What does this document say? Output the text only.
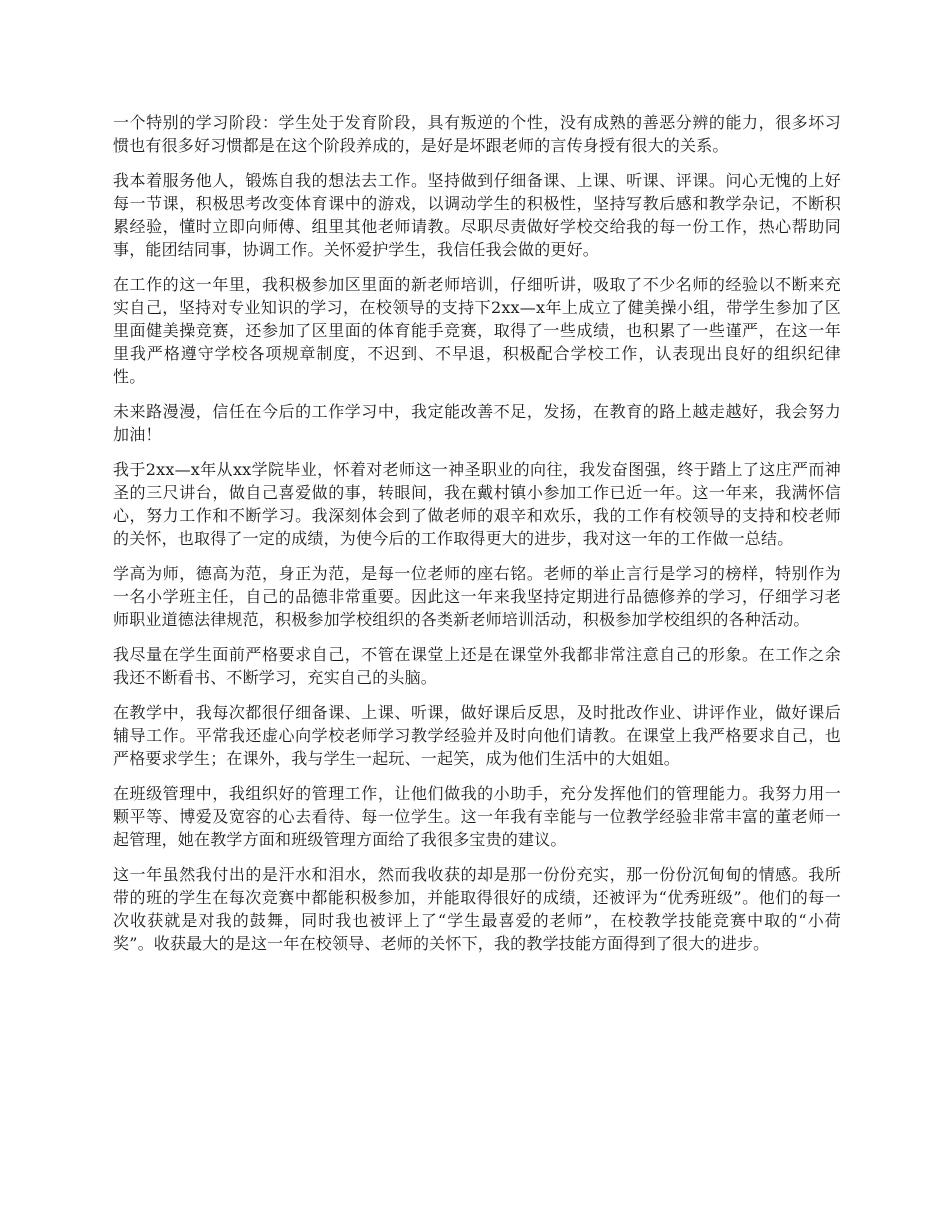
一个特别的学习阶段：学生处于发育阶段，具有叛逆的个性，没有成熟的善恶分辨的能力，很多坏习惯也有很多好习惯都是在这个阶段养成的，是好是坏跟老师的言传身授有很大的关系。

我本着服务他人，锻炼自我的想法去工作。坚持做到仔细备课、上课、听课、评课。问心无愧的上好每一节课，积极思考改变体育课中的游戏，以调动学生的积极性，坚持写教后感和教学杂记，不断积累经验，懂时立即向师傅、组里其他老师请教。尽职尽责做好学校交给我的每一份工作，热心帮助同事，能团结同事，协调工作。关怀爱护学生，我信任我会做的更好。

在工作的这一年里，我积极参加区里面的新老师培训，仔细听讲，吸取了不少名师的经验以不断来充实自己，坚持对专业知识的学习，在校领导的支持下2xx—x年上成立了健美操小组，带学生参加了区里面健美操竞赛，还参加了区里面的体育能手竞赛，取得了一些成绩，也积累了一些谨严，在这一年里我严格遵守学校各项规章制度，不迟到、不早退，积极配合学校工作，认表现出良好的组织纪律性。

未来路漫漫，信任在今后的工作学习中，我定能改善不足，发扬，在教育的路上越走越好，我会努力加油！

我于2xx—x年从xx学院毕业，怀着对老师这一神圣职业的向往，我发奋图强，终于踏上了这庄严而神圣的三尺讲台，做自己喜爱做的事，转眼间，我在戴村镇小参加工作已近一年。这一年来，我满怀信心，努力工作和不断学习。我深刻体会到了做老师的艰辛和欢乐，我的工作有校领导的支持和校老师的关怀，也取得了一定的成绩，为使今后的工作取得更大的进步，我对这一年的工作做一总结。

学高为师，德高为范，身正为范，是每一位老师的座右铭。老师的举止言行是学习的榜样，特别作为一名小学班主任，自己的品德非常重要。因此这一年来我坚持定期进行品德修养的学习，仔细学习老师职业道德法律规范，积极参加学校组织的各类新老师培训活动，积极参加学校组织的各种活动。

我尽量在学生面前严格要求自己，不管在课堂上还是在课堂外我都非常注意自己的形象。在工作之余我还不断看书、不断学习，充实自己的头脑。

在教学中，我每次都很仔细备课、上课、听课，做好课后反思，及时批改作业、讲评作业，做好课后辅导工作。平常我还虚心向学校老师学习教学经验并及时向他们请教。在课堂上我严格要求自己，也严格要求学生；在课外，我与学生一起玩、一起笑，成为他们生活中的大姐姐。

在班级管理中，我组织好的管理工作，让他们做我的小助手，充分发挥他们的管理能力。我努力用一颗平等、博爱及宽容的心去看待、每一位学生。这一年我有幸能与一位教学经验非常丰富的董老师一起管理，她在教学方面和班级管理方面给了我很多宝贵的建议。

这一年虽然我付出的是汗水和泪水，然而我收获的却是那一份份充实，那一份份沉甸甸的情感。我所带的班的学生在每次竞赛中都能积极参加，并能取得很好的成绩，还被评为“优秀班级”。他们的每一次收获就是对我的鼓舞，同时我也被评上了“学生最喜爱的老师”，在校教学技能竞赛中取的“小荷奖”。收获最大的是这一年在校领导、老师的关怀下，我的教学技能方面得到了很大的进步。
